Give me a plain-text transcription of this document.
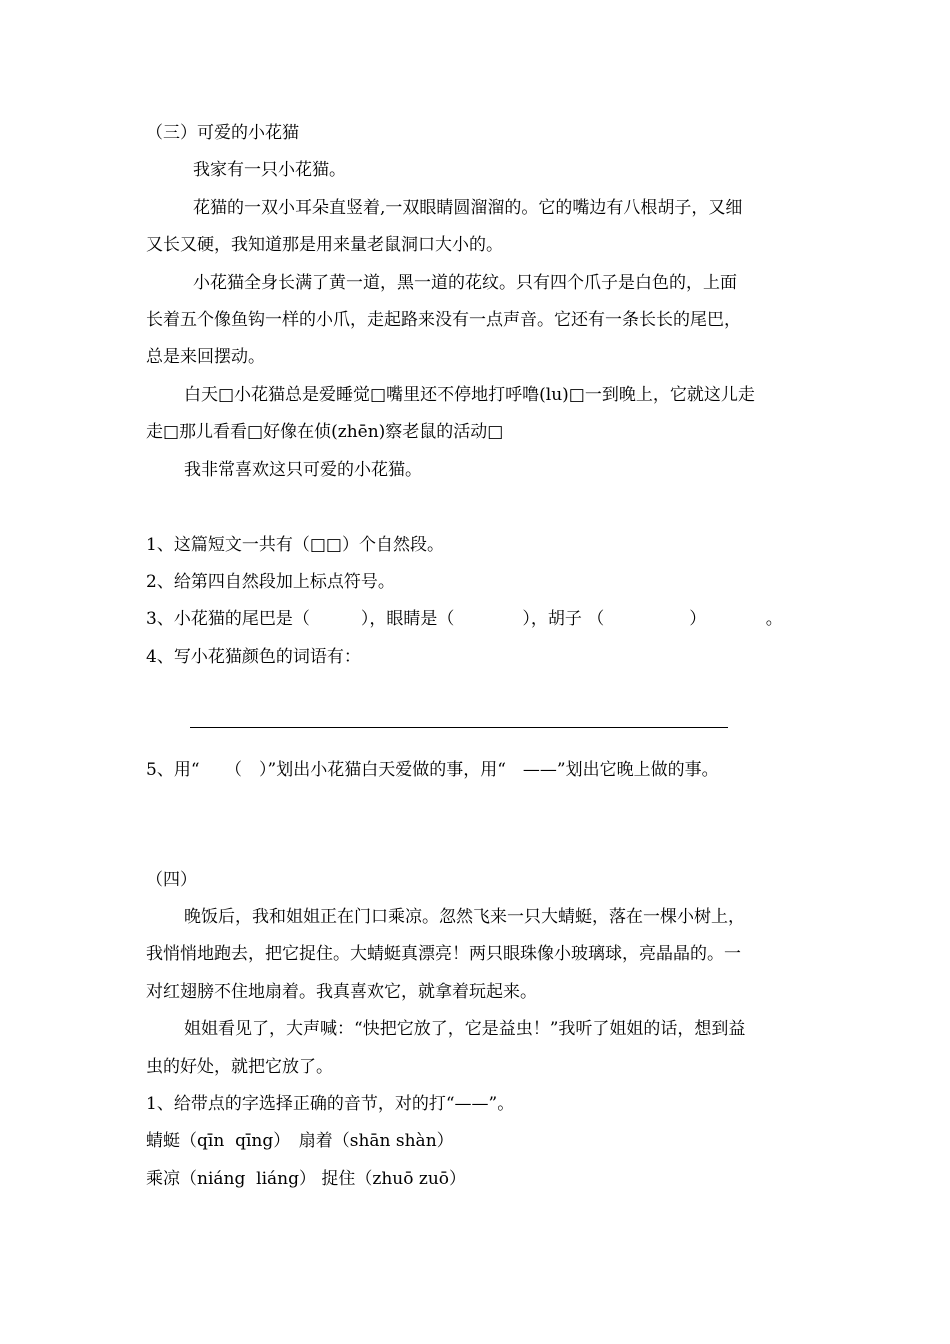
（三）可爱的小花猫
我家有一只小花猫。
花猫的一双小耳朵直竖着,一双眼睛圆溜溜的。它的嘴边有八根胡子，又细
又长又硬，我知道那是用来量老鼠洞口大小的。
小花猫全身长满了黄一道，黑一道的花纹。只有四个爪子是白色的，上面
长着五个像鱼钩一样的小爪，走起路来没有一点声音。它还有一条长长的尾巴，
总是来回摆动。
白天□小花猫总是爱睡觉□嘴里还不停地打呼噜(lu)□一到晚上，它就这儿走
走□那儿看看□好像在侦(zhēn)察老鼠的活动□
我非常喜欢这只可爱的小花猫。
1、这篇短文一共有（□□）个自然段。
2、给第四自然段加上标点符号。
3、小花猫的尾巴是（　　　），眼睛是（　　　　），胡子 （　　　　　）　　　　。
4、写小花猫颜色的词语有：
5、用“　　（　）”划出小花猫白天爱做的事，用“　——”划出它晚上做的事。
（四）
晚饭后，我和姐姐正在门口乘凉。忽然飞来一只大蜻蜓，落在一棵小树上，
我悄悄地跑去，把它捉住。大蜻蜓真漂亮！两只眼珠像小玻璃球，亮晶晶的。一
对红翅膀不住地扇着。我真喜欢它，就拿着玩起来。
姐姐看见了，大声喊：“快把它放了，它是益虫！”我听了姐姐的话，想到益
虫的好处，就把它放了。
1、给带点的字选择正确的音节，对的打“——”。
蜻蜓（qīn  qīng）　扇着（shān shàn）
乘凉（niáng  liáng） 捉住（zhuō zuō）
